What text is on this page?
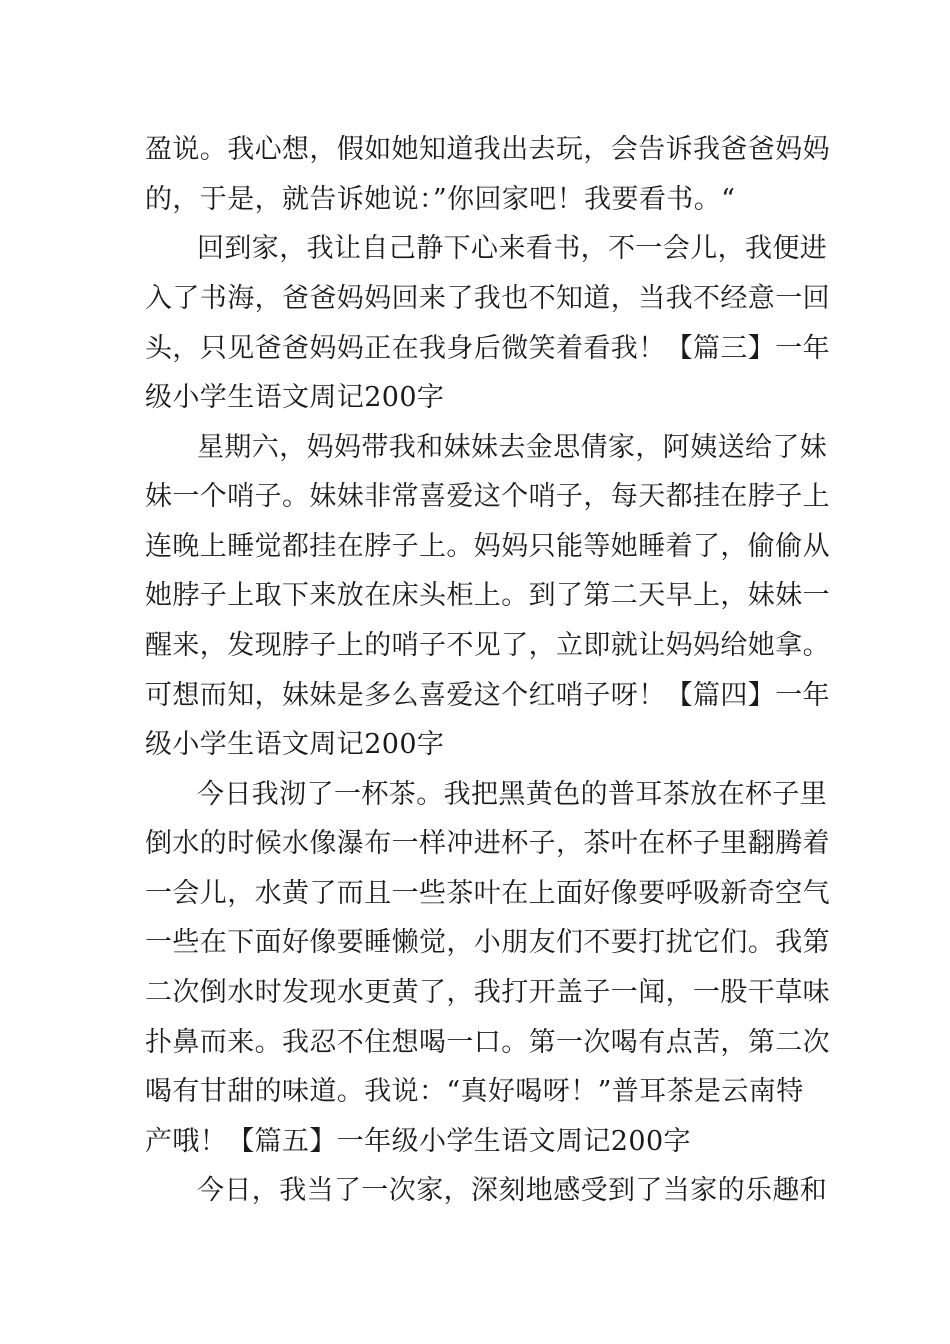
盈说。我心想，假如她知道我出去玩，会告诉我爸爸妈妈
的，于是，就告诉她说：”你回家吧！我要看书。“
回到家，我让自己静下心来看书，不一会儿，我便进
入了书海，爸爸妈妈回来了我也不知道，当我不经意一回
头，只见爸爸妈妈正在我身后微笑着看我！【篇三】一年
级小学生语文周记200字
星期六，妈妈带我和妹妹去金思倩家，阿姨送给了妹
妹一个哨子。妹妹非常喜爱这个哨子，每天都挂在脖子上
连晚上睡觉都挂在脖子上。妈妈只能等她睡着了，偷偷从
她脖子上取下来放在床头柜上。到了第二天早上，妹妹一
醒来，发现脖子上的哨子不见了，立即就让妈妈给她拿。
可想而知，妹妹是多么喜爱这个红哨子呀！【篇四】一年
级小学生语文周记200字
今日我沏了一杯茶。我把黑黄色的普耳茶放在杯子里
倒水的时候水像瀑布一样冲进杯子，茶叶在杯子里翻腾着
一会儿，水黄了而且一些茶叶在上面好像要呼吸新奇空气
一些在下面好像要睡懒觉，小朋友们不要打扰它们。我第
二次倒水时发现水更黄了，我打开盖子一闻，一股干草味
扑鼻而来。我忍不住想喝一口。第一次喝有点苦，第二次
喝有甘甜的味道。我说：“真好喝呀！”普耳茶是云南特
产哦！【篇五】一年级小学生语文周记200字
今日，我当了一次家，深刻地感受到了当家的乐趣和
